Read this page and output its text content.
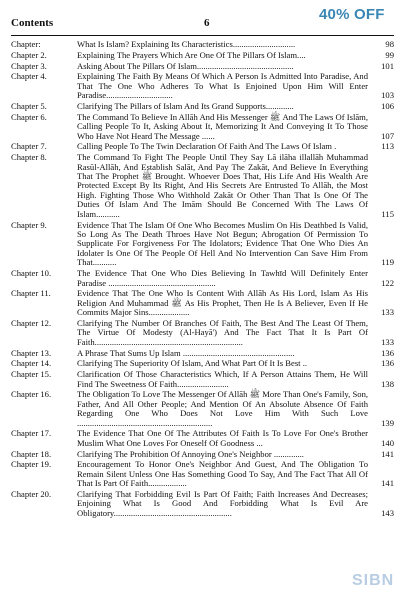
Contents	6	40% OFF
Chapter:	What Is Islam? Explaining Its Characteristics.............................	98
Chapter 2.	Explaining The Prayers Which Are One Of The Pillars Of Islam....	99
Chapter 3.	Asking About The Pillars Of Islam.............................................	101
Chapter 4.	Explaining The Faith By Means Of Which A Person Is Admitted Into Paradise, And That The One Who Adheres To What Is Enjoined Upon Him Will Enter Paradise...............................	103
Chapter 5.	Clarifying The Pillars of Islam And Its Grand Supports.............	106
Chapter 6.	The Command To Believe In Allāh And His Messenger ﷺ And The Laws Of Islām, Calling People To It, Asking About It, Memorizing It And Conveying It To Those Who Have Not Heard The Message ......	107
Chapter 7.	Calling People To The Twin Declaration Of Faith And The Laws Of Islam .	113
Chapter 8.	The Command To Fight The People Until They Say Lā ilāha illallāh Muhammad Rasūl-Allāh, And Establish Salāt, And Pay The Zakāt, And Believe In Everything That The Prophet ﷺ Brought. Whoever Does That, His Life And His Wealth Are Protected Except By Its Right, And His Secrets Are Entrusted To Allāh, the Most High. Fighting Those Who Withhold Zakāt Or Other Than That Is One Of The Duties Of Islam And The Imām Should Be Concerned With The Laws Of Islam...........	115
Chapter 9.	Evidence That The Islam Of One Who Becomes Muslim On His Deathbed Is Valid, So Long As The Death Throes Have Not Begun; Abrogation Of Permission To Supplicate For Forgiveness For The Idolators; Evidence That One Who Dies An Idolater Is One Of The People Of Hell And No Intervention Can Save Him From That...........	119
Chapter 10.	The Evidence That One Who Dies Believing In Tawhīd Will Definitely Enter Paradise ..................................................	122
Chapter 11.	Evidence That The One Who Is Content With Allāh As His Lord, Islam As His Religion And Muhammad ﷺ As His Prophet, Then He Is A Believer, Even If He Commits Major Sins...................	133
Chapter 12.	Clarifying The Number Of Branches Of Faith, The Best And The Least Of Them, The Virtue Of Modesty (Al-Hayā') And The Fact That It Is Part Of Faith.....................................................................	133
Chapter 13.	A Phrase That Sums Up Islam ....................................................	136
Chapter 14.	Clarifying The Superiority Of Islam, And What Part Of It Is Best ..	136
Chapter 15.	Clarification Of Those Characteristics Which, If A Person Attains Them, He Will Find The Sweetness Of Faith........................	138
Chapter 16.	The Obligation To Love The Messenger Of Allāh ﷺ More Than One's Family, Son, Father, And All Other People; And Mention Of An Absolute Absence Of Faith Regarding One Who Does Not Love Him With Such Love ...............................................................	139
Chapter 17.	The Evidence That One Of The Attributes Of Faith Is To Love For One's Brother Muslim What One Loves For Oneself Of Goodness ...	140
Chapter 18.	Clarifying The Prohibition Of Annoying One's Neighbor ..............	141
Chapter 19.	Encouragement To Honor One's Neighbor And Guest, And The Obligation To Remain Silent Unless One Has Something Good To Say, And The Fact That All Of That Is Part Of Faith..................	141
Chapter 20.	Clarifying That Forbidding Evil Is Part Of Faith; Faith Increases And Decreases; Enjoining What Is Good And Forbidding What Is Evil Are Obligatory.......................................................	143
SIBN
